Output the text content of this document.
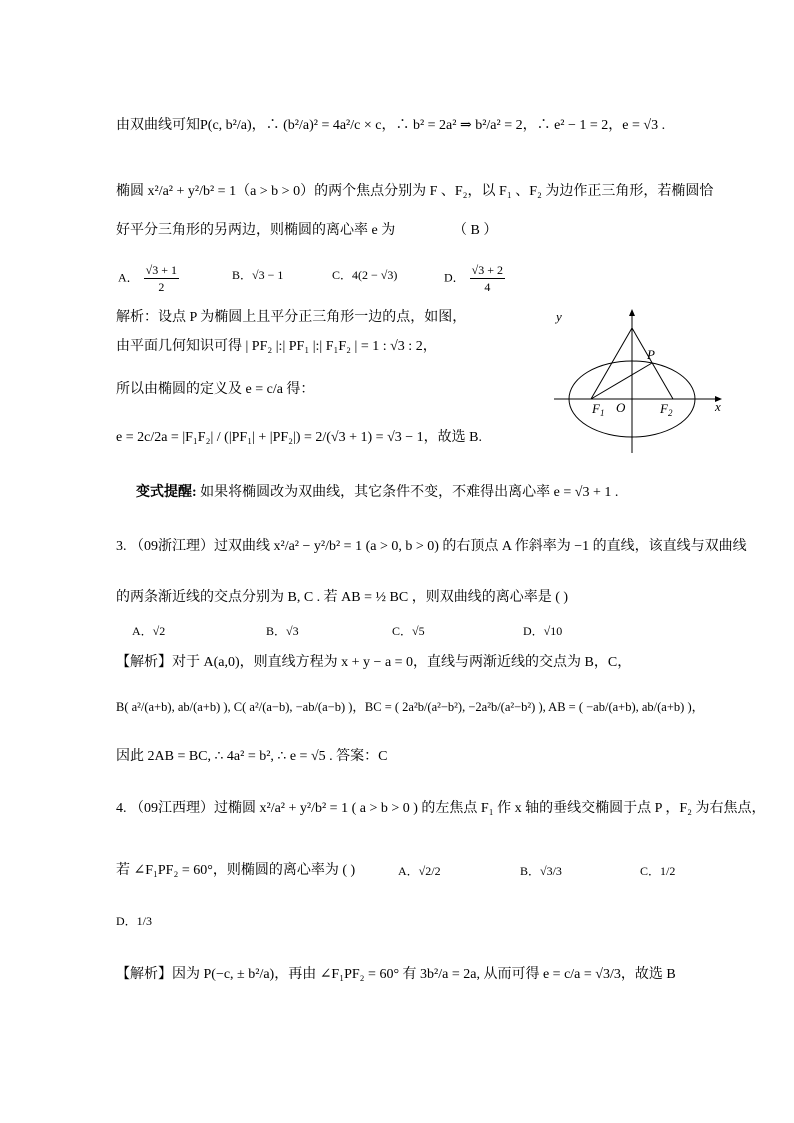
由双曲线可知P(c, b²/a)，∴ (b²/a)² = 4a²/c × c，∴ b² = 2a² ⇒ b²/a² = 2，∴ e² − 1 = 2，e = √3 .
椭圆 x²/a² + y²/b² = 1（a > b > 0）的两个焦点分别为 F 、F₂，以 F₁ 、F₂ 为边作正三角形，若椭圆恰
好平分三角形的另两边，则椭圆的离心率 e 为	（ B ）
A． $\frac{√3 + 1}{2}$	B．√3 − 1	C．4(2 − √3)	D． $\frac{√3 + 2}{4}$
解析：设点 P 为椭圆上且平分正三角形一边的点，如图，
由平面几何知识可得 | PF₂ |:| PF₁ |:| F₁F₂ | = 1 : √3 : 2，
所以由椭圆的定义及 e = c/a 得：
e = 2c/2a = |F₁F₂| / (|PF₁| + |PF₂|) = 2/(√3 + 1) = √3 − 1，故选 B.
变式提醒: 如果将椭圆改为双曲线，其它条件不变，不难得出离心率 e = √3 + 1 .
y
x
P
O
$F_1$	$F_2$
3. （09浙江理）过双曲线 x²/a² − y²/b² = 1 (a > 0, b > 0) 的右顶点 A 作斜率为 −1 的直线，该直线与双曲线
的两条渐近线的交点分别为 B, C . 若 AB = ½ BC ，则双曲线的离心率是 ( )
A．√2	B．√3	C．√5	D．√10
【解析】对于 A(a,0)，则直线方程为 x + y − a = 0，直线与两渐近线的交点为 B，C，
B( a²/(a+b), ab/(a+b) ), C( a²/(a−b), −ab/(a−b) )，BC = ( 2a²b/(a²−b²), −2a²b/(a²−b²) ), AB = ( −ab/(a+b), ab/(a+b) )，
因此 2AB = BC, ∴ 4a² = b², ∴ e = √5 . 答案：C
4. （09江西理）过椭圆 x²/a² + y²/b² = 1 ( a > b > 0 ) 的左焦点 F₁ 作 x 轴的垂线交椭圆于点 P ，F₂ 为右焦点，
若 ∠F₁PF₂ = 60°，则椭圆的离心率为 ( )	A．√2/2	B．√3/3	C．1/2
D．1/3
【解析】因为 P(−c, ± b²/a)，再由 ∠F₁PF₂ = 60° 有 3b²/a = 2a, 从而可得 e = c/a = √3/3，故选 B
